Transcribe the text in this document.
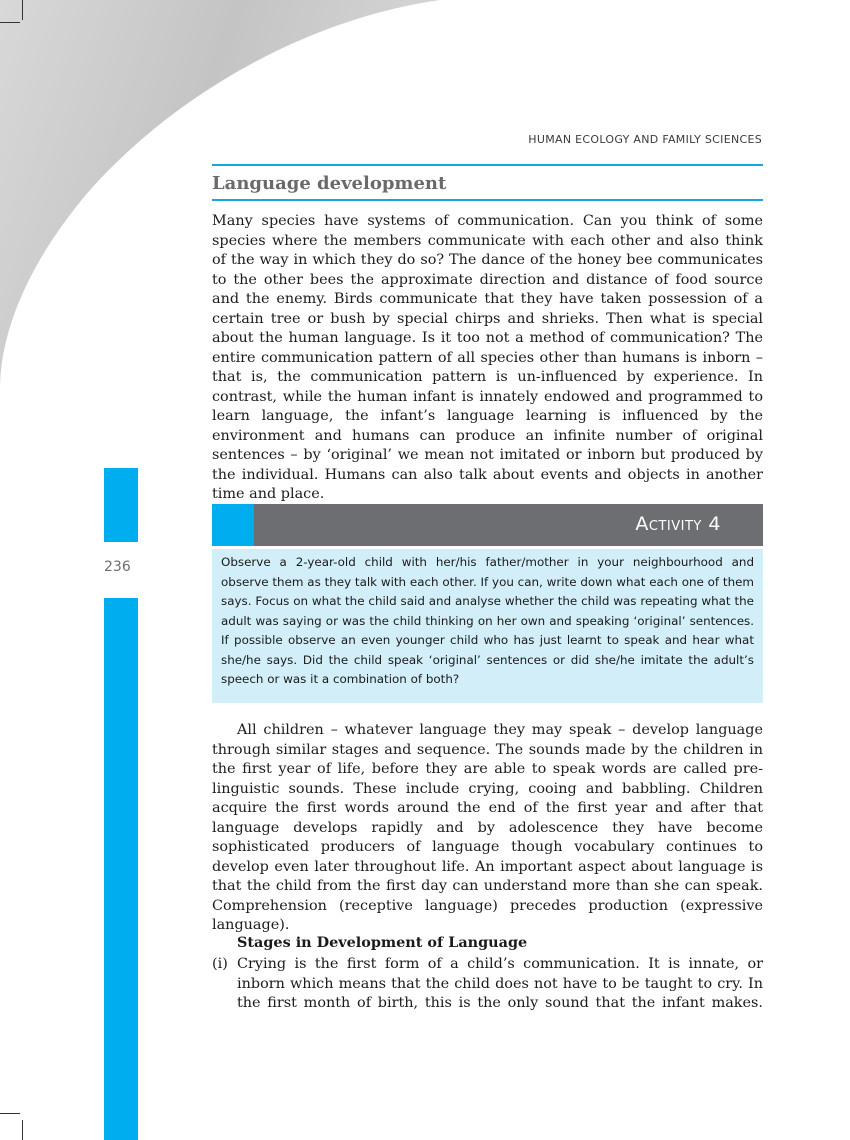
HUMAN ECOLOGY AND FAMILY SCIENCES
Language development

Many species have systems of communication. Can you think of some species where the members communicate with each other and also think of the way in which they do so? The dance of the honey bee communicates to the other bees the approximate direction and distance of food source and the enemy. Birds communicate that they have taken possession of a certain tree or bush by special chirps and shrieks. Then what is special about the human language. Is it too not a method of communication? The entire communication pattern of all species other than humans is inborn – that is, the communication pattern is un-influenced by experience. In contrast, while the human infant is innately endowed and programmed to learn language, the infant’s language learning is influenced by the environment and humans can produce an infinite number of original sentences – by ‘original’ we mean not imitated or inborn but produced by the individual. Humans can also talk about events and objects in another time and place.

236
Activity 4

Observe a 2-year-old child with her/his father/mother in your neighbourhood and observe them as they talk with each other. If you can, write down what each one of them says. Focus on what the child said and analyse whether the child was repeating what the adult was saying or was the child thinking on her own and speaking ‘original’ sentences. If possible observe an even younger child who has just learnt to speak and hear what she/he says. Did the child speak ‘original’ sentences or did she/he imitate the adult’s speech or was it a combination of both?

All children – whatever language they may speak – develop language through similar stages and sequence. The sounds made by the children in the first year of life, before they are able to speak words are called pre-linguistic sounds. These include crying, cooing and babbling. Children acquire the first words around the end of the first year and after that language develops rapidly and by adolescence they have become sophisticated producers of language though vocabulary continues to develop even later throughout life. An important aspect about language is that the child from the first day can understand more than she can speak. Comprehension (receptive language) precedes production (expressive language).

Stages in Development of Language
(i) Crying is the first form of a child’s communication. It is innate, or inborn which means that the child does not have to be taught to cry. In the first month of birth, this is the only sound that the infant makes.
